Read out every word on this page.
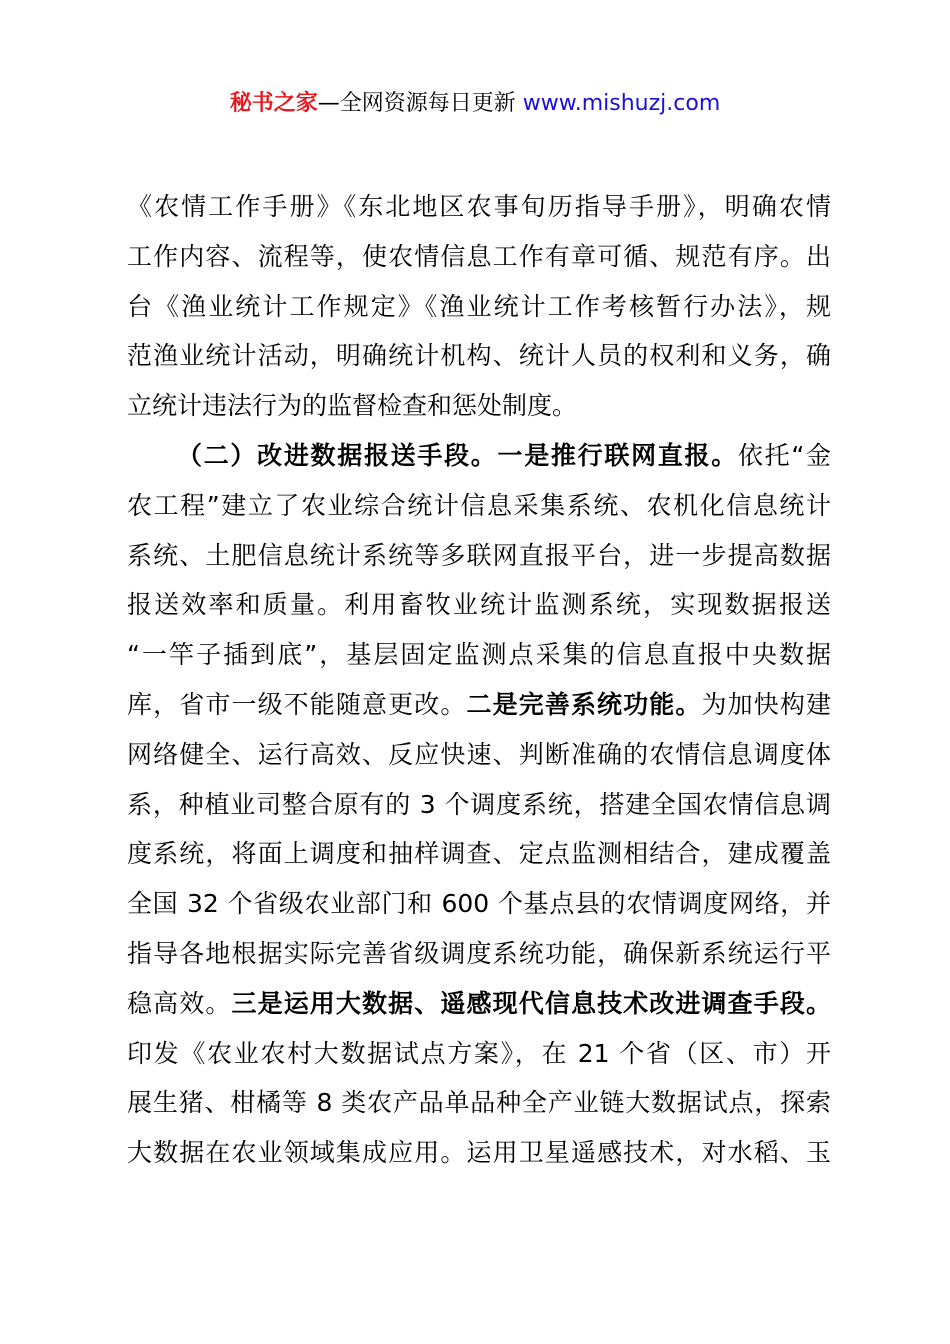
秘书之家—全网资源每日更新 www.mishuzj.com
《农情工作手册》《东北地区农事旬历指导手册》，明确农情
工作内容、流程等，使农情信息工作有章可循、规范有序。出
台《渔业统计工作规定》《渔业统计工作考核暂行办法》，规
范渔业统计活动，明确统计机构、统计人员的权利和义务，确
立统计违法行为的监督检查和惩处制度。
（二）改进数据报送手段。一是推行联网直报。依托“金
农工程”建立了农业综合统计信息采集系统、农机化信息统计
系统、土肥信息统计系统等多联网直报平台，进一步提高数据
报送效率和质量。利用畜牧业统计监测系统，实现数据报送
“一竿子插到底”，基层固定监测点采集的信息直报中央数据
库，省市一级不能随意更改。二是完善系统功能。为加快构建
网络健全、运行高效、反应快速、判断准确的农情信息调度体
系，种植业司整合原有的 3 个调度系统，搭建全国农情信息调
度系统，将面上调度和抽样调查、定点监测相结合，建成覆盖
全国 32 个省级农业部门和 600 个基点县的农情调度网络，并
指导各地根据实际完善省级调度系统功能，确保新系统运行平
稳高效。三是运用大数据、遥感现代信息技术改进调查手段。
印发《农业农村大数据试点方案》，在 21 个省（区、市）开
展生猪、柑橘等 8 类农产品单品种全产业链大数据试点，探索
大数据在农业领域集成应用。运用卫星遥感技术，对水稻、玉
